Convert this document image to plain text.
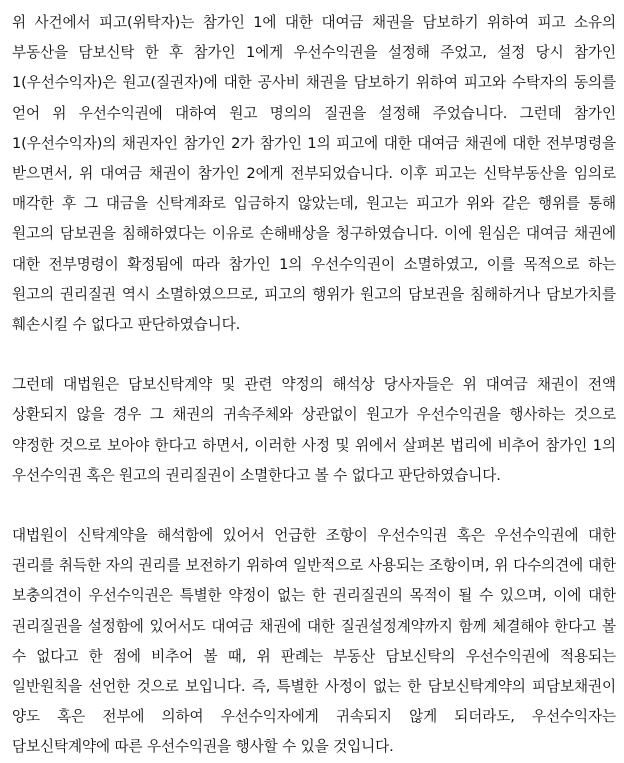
위 사건에서 피고(위탁자)는 참가인 1에 대한 대여금 채권을 담보하기 위하여 피고 소유의 부동산을 담보신탁 한 후 참가인 1에게 우선수익권을 설정해 주었고, 설정 당시 참가인 1(우선수익자)은 원고(질권자)에 대한 공사비 채권을 담보하기 위하여 피고와 수탁자의 동의를 얻어 위 우선수익권에 대하여 원고 명의의 질권을 설정해 주었습니다. 그런데 참가인 1(우선수익자)의 채권자인 참가인 2가 참가인 1의 피고에 대한 대여금 채권에 대한 전부명령을 받으면서, 위 대여금 채권이 참가인 2에게 전부되었습니다. 이후 피고는 신탁부동산을 임의로 매각한 후 그 대금을 신탁계좌로 입금하지 않았는데, 원고는 피고가 위와 같은 행위를 통해 원고의 담보권을 침해하였다는 이유로 손해배상을 청구하였습니다. 이에 원심은 대여금 채권에 대한 전부명령이 확정됨에 따라 참가인 1의 우선수익권이 소멸하였고, 이를 목적으로 하는 원고의 권리질권 역시 소멸하였으므로, 피고의 행위가 원고의 담보권을 침해하거나 담보가치를 훼손시킬 수 없다고 판단하였습니다.

그런데 대법원은 담보신탁계약 및 관련 약정의 해석상 당사자들은 위 대여금 채권이 전액 상환되지 않을 경우 그 채권의 귀속주체와 상관없이 원고가 우선수익권을 행사하는 것으로 약정한 것으로 보아야 한다고 하면서, 이러한 사정 및 위에서 살펴본 법리에 비추어 참가인 1의 우선수익권 혹은 원고의 권리질권이 소멸한다고 볼 수 없다고 판단하였습니다.

대법원이 신탁계약을 해석함에 있어서 언급한 조항이 우선수익권 혹은 우선수익권에 대한 권리를 취득한 자의 권리를 보전하기 위하여 일반적으로 사용되는 조항이며, 위 다수의견에 대한 보충의견이 우선수익권은 특별한 약정이 없는 한 권리질권의 목적이 될 수 있으며, 이에 대한 권리질권을 설정함에 있어서도 대여금 채권에 대한 질권설정계약까지 함께 체결해야 한다고 볼 수 없다고 한 점에 비추어 볼 때, 위 판례는 부동산 담보신탁의 우선수익권에 적용되는 일반원칙을 선언한 것으로 보입니다. 즉, 특별한 사정이 없는 한 담보신탁계약의 피담보채권이 양도 혹은 전부에 의하여 우선수익자에게 귀속되지 않게 되더라도, 우선수익자는 담보신탁계약에 따른 우선수익권을 행사할 수 있을 것입니다.
